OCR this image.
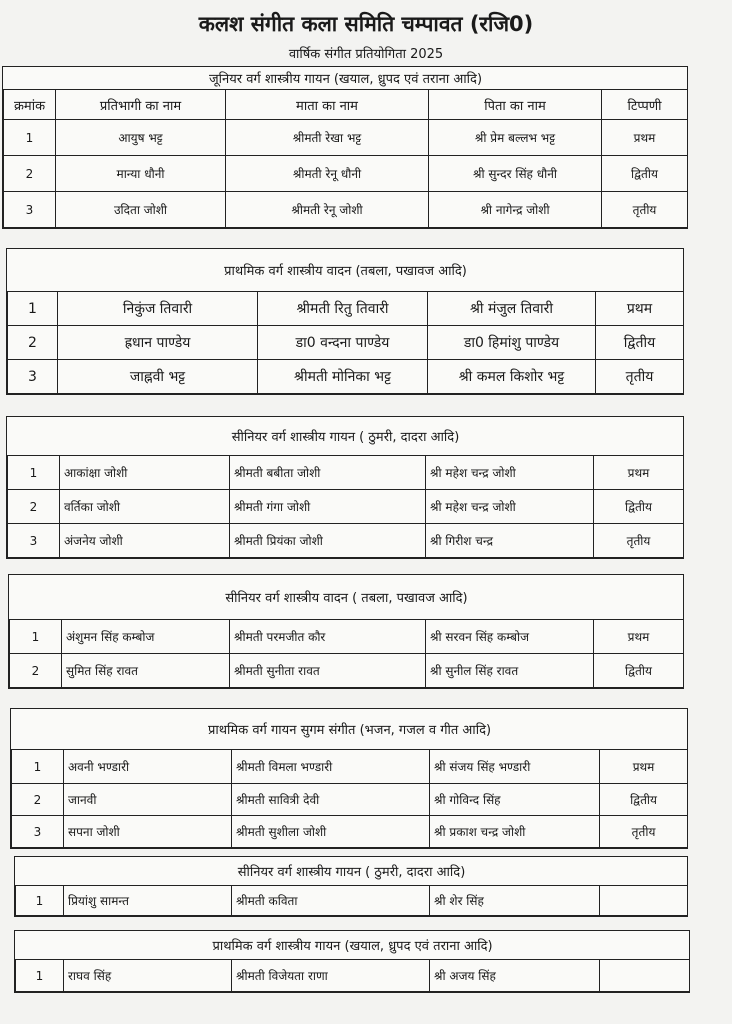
कलश संगीत कला समिति चम्पावत (रजि0)
वार्षिक संगीत प्रतियोगिता 2025
जूनियर वर्ग शास्त्रीय गायन (खयाल, ध्रुपद एवं तराना आदि)				
क्रमांक	प्रतिभागी का नाम	माता का नाम	पिता का नाम	टिप्पणी
1	आयुष भट्ट	श्रीमती रेखा भट्ट	श्री प्रेम बल्लभ भट्ट	प्रथम
2	मान्या धौनी	श्रीमती रेनू धौनी	श्री सुन्दर सिंह धौनी	द्वितीय
3	उदिता जोशी	श्रीमती रेनू जोशी	श्री नागेन्द्र जोशी	तृतीय
प्राथमिक वर्ग शास्त्रीय वादन (तबला, पखावज आदि)				
1	निकुंज तिवारी	श्रीमती रितु तिवारी	श्री मंजुल तिवारी	प्रथम
2	ह्रधान पाण्डेय	डा0 वन्दना पाण्डेय	डा0 हिमांशु पाण्डेय	द्वितीय
3	जाह्नवी भट्ट	श्रीमती मोनिका भट्ट	श्री कमल किशोर भट्ट	तृतीय
सीनियर वर्ग शास्त्रीय गायन ( ठुमरी, दादरा आदि)				
1	आकांक्षा जोशी	श्रीमती बबीता जोशी	श्री महेश चन्द्र जोशी	प्रथम
2	वर्तिका जोशी	श्रीमती गंगा जोशी	श्री महेश चन्द्र जोशी	द्वितीय
3	अंजनेय जोशी	श्रीमती प्रियंका जोशी	श्री गिरीश चन्द्र	तृतीय
सीनियर वर्ग शास्त्रीय वादन ( तबला, पखावज आदि)				
1	अंशुमन सिंह कम्बोज	श्रीमती परमजीत कौर	श्री सरवन सिंह कम्बोज	प्रथम
2	सुमित सिंह रावत	श्रीमती सुनीता रावत	श्री सुनील सिंह रावत	द्वितीय
प्राथमिक वर्ग गायन सुगम संगीत (भजन, गजल व गीत आदि)				
1	अवनी भण्डारी	श्रीमती विमला भण्डारी	श्री संजय सिंह भण्डारी	प्रथम
2	जानवी	श्रीमती सावित्री देवी	श्री गोविन्द सिंह	द्वितीय
3	सपना जोशी	श्रीमती सुशीला जोशी	श्री प्रकाश चन्द्र जोशी	तृतीय
सीनियर वर्ग शास्त्रीय गायन ( ठुमरी, दादरा आदि)
1	प्रियांशु सामन्त	श्रीमती कविता	श्री शेर सिंह	
प्राथमिक वर्ग शास्त्रीय गायन (खयाल, ध्रुपद एवं तराना आदि)
1	राघव सिंह	श्रीमती विजेयता राणा	श्री अजय सिंह	
